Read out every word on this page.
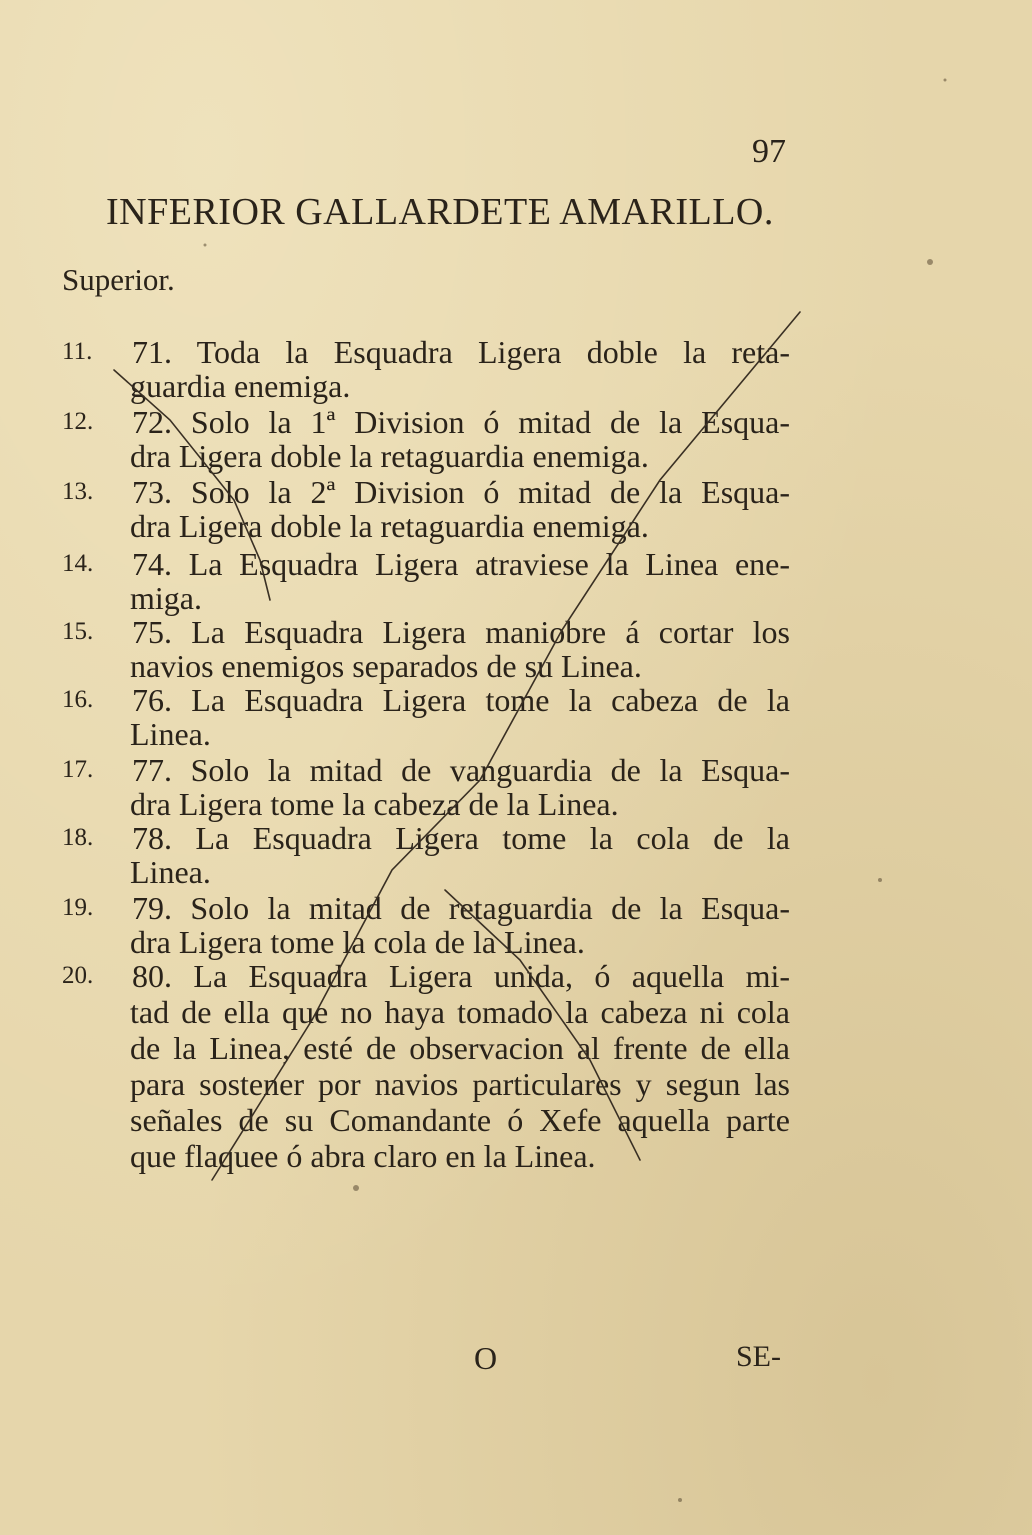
97
INFERIOR GALLARDETE AMARILLO.
Superior.
11. 71. Toda la Esquadra Ligera doble la reta-
guardia enemiga.
12. 72. Solo la 1ª Division ó mitad de la Esqua-
dra Ligera doble la retaguardia enemiga.
13. 73. Solo la 2ª Division ó mitad de la Esqua-
dra Ligera doble la retaguardia enemiga.
14. 74. La Esquadra Ligera atraviese la Linea ene-
miga.
15. 75. La Esquadra Ligera maniobre á cortar los
navios enemigos separados de su Linea.
16. 76. La Esquadra Ligera tome la cabeza de la
Linea.
17. 77. Solo la mitad de vanguardia de la Esqua-
dra Ligera tome la cabeza de la Linea.
18. 78. La Esquadra Ligera tome la cola de la
Linea.
19. 79. Solo la mitad de retaguardia de la Esqua-
dra Ligera tome la cola de la Linea.
20. 80. La Esquadra Ligera unida, ó aquella mi-
tad de ella que no haya tomado la cabeza ni cola
de la Linea, esté de observacion al frente de ella
para sostener por navios particulares y segun las
señales de su Comandante ó Xefe aquella parte
que flaquee ó abra claro en la Linea.
O	SE-
